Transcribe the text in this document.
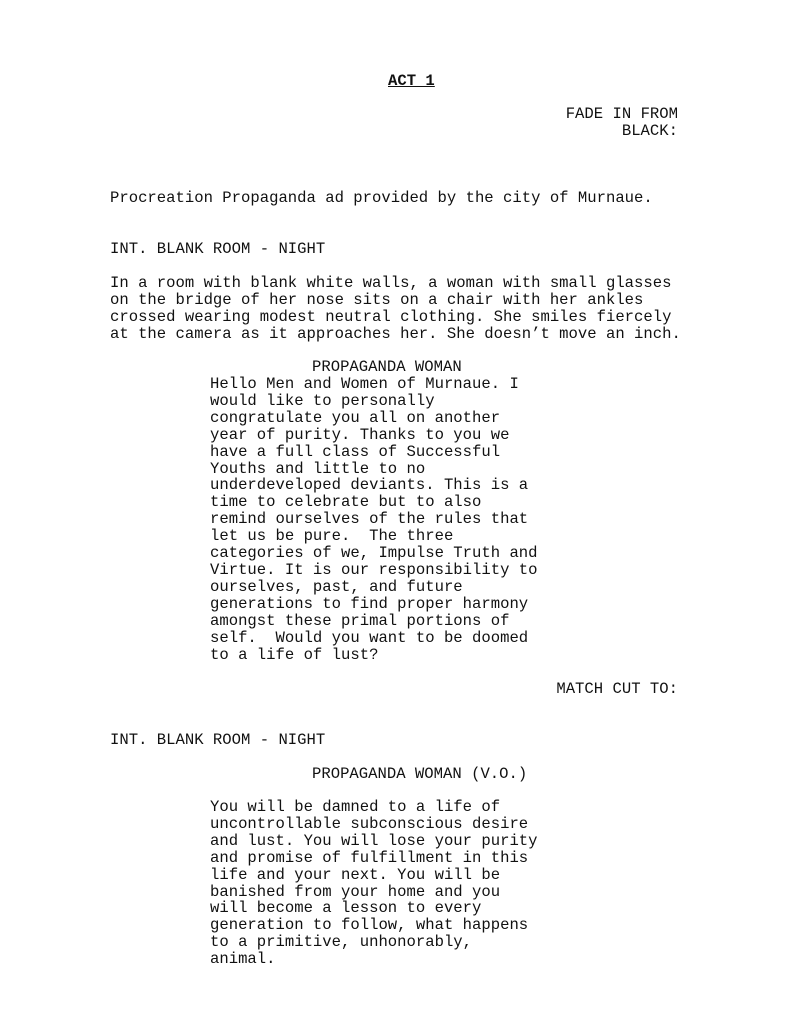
ACT 1
FADE IN FROM
BLACK:
Procreation Propaganda ad provided by the city of Murnaue.
INT. BLANK ROOM - NIGHT
In a room with blank white walls, a woman with small glasses
on the bridge of her nose sits on a chair with her ankles
crossed wearing modest neutral clothing. She smiles fiercely
at the camera as it approaches her. She doesn’t move an inch.
PROPAGANDA WOMAN
Hello Men and Women of Murnaue. I
would like to personally
congratulate you all on another
year of purity. Thanks to you we
have a full class of Successful
Youths and little to no
underdeveloped deviants. This is a
time to celebrate but to also
remind ourselves of the rules that
let us be pure.  The three
categories of we, Impulse Truth and
Virtue. It is our responsibility to
ourselves, past, and future
generations to find proper harmony
amongst these primal portions of
self.  Would you want to be doomed
to a life of lust?
MATCH CUT TO:
INT. BLANK ROOM - NIGHT
PROPAGANDA WOMAN (V.O.)
You will be damned to a life of
uncontrollable subconscious desire
and lust. You will lose your purity
and promise of fulfillment in this
life and your next. You will be
banished from your home and you
will become a lesson to every
generation to follow, what happens
to a primitive, unhonorably,
animal.
